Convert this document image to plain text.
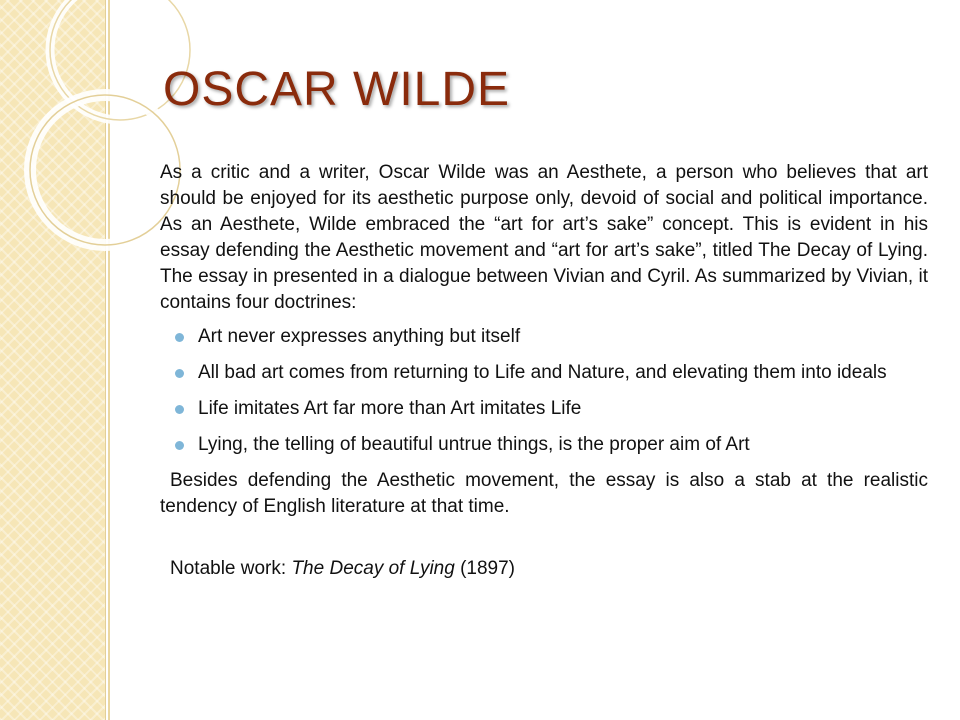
OSCAR WILDE

As a critic and a writer, Oscar Wilde was an Aesthete, a person who believes that art should be enjoyed for its aesthetic purpose only, devoid of social and political importance. As an Aesthete, Wilde embraced the “art for art’s sake” concept. This is evident in his essay defending the Aesthetic movement and “art for art’s sake”, titled The Decay of Lying. The essay in presented in a dialogue between Vivian and Cyril. As summarized by Vivian, it contains four doctrines:

Art never expresses anything but itself
All bad art comes from returning to Life and Nature, and elevating them into ideals
Life imitates Art far more than Art imitates Life
Lying, the telling of beautiful untrue things, is the proper aim of Art

Besides defending the Aesthetic movement, the essay is also a stab at the realistic tendency of English literature at that time.

Notable work: The Decay of Lying (1897)
